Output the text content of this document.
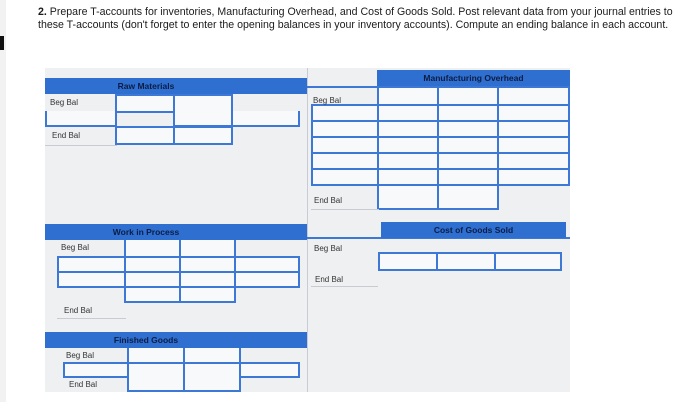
2. Prepare T-accounts for inventories, Manufacturing Overhead, and Cost of Goods Sold. Post relevant data from your journal entries to these T-accounts (don't forget to enter the opening balances in your inventory accounts). Compute an ending balance in each account.
Raw Materials
Beg Bal
End Bal
Manufacturing Overhead
Beg Bal
End Bal
Work in Process
Beg Bal
End Bal
Cost of Goods Sold
Beg Bal
End Bal
Finished Goods
Beg Bal
End Bal
